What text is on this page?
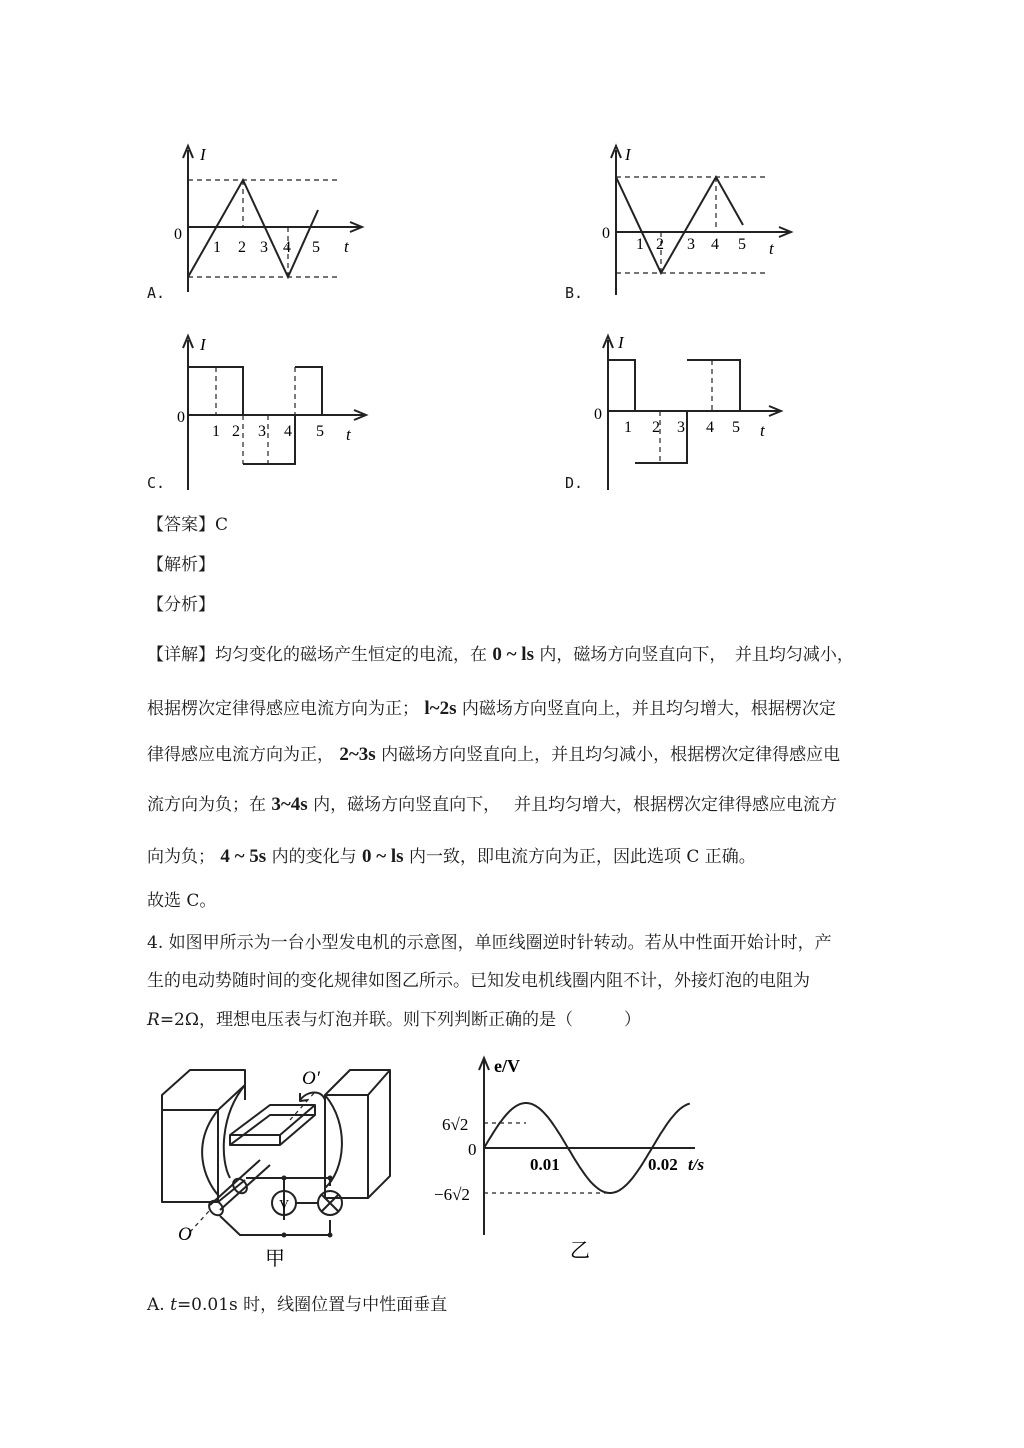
I
0
1 2 3 4 5 t
A.
I
0
1 2 3 4 5 t
B.
I
0
1 2 3 4 5 t
C.
I
0
1 2 3 4 5 t
D.
【答案】C
【解析】
【分析】
【详解】均匀变化的磁场产生恒定的电流，在 0 ~ ls 内，磁场方向竖直向下，　并且均匀减小，
根据楞次定律得感应电流方向为正； l~2s 内磁场方向竖直向上，并且均匀增大，根据楞次定
律得感应电流方向为正， 2~3s 内磁场方向竖直向上，并且均匀减小，根据楞次定律得感应电
流方向为负；在 3~4s 内，磁场方向竖直向下，　 并且均匀增大，根据楞次定律得感应电流方
向为负； 4 ~ 5s 内的变化与 0 ~ ls 内一致，即电流方向为正，因此选项 C 正确。
故选 C。
4. 如图甲所示为一台小型发电机的示意图，单匝线圈逆时针转动。若从中性面开始计时，产
生的电动势随时间的变化规律如图乙所示。已知发电机线圈内阻不计，外接灯泡的电阻为
R=2Ω，理想电压表与灯泡并联。则下列判断正确的是（　　　）
V
O
O′
甲
e/V
6√2
0
−6√2
0.01	0.02 t/s
乙
A. t=0.01s 时，线圈位置与中性面垂直
